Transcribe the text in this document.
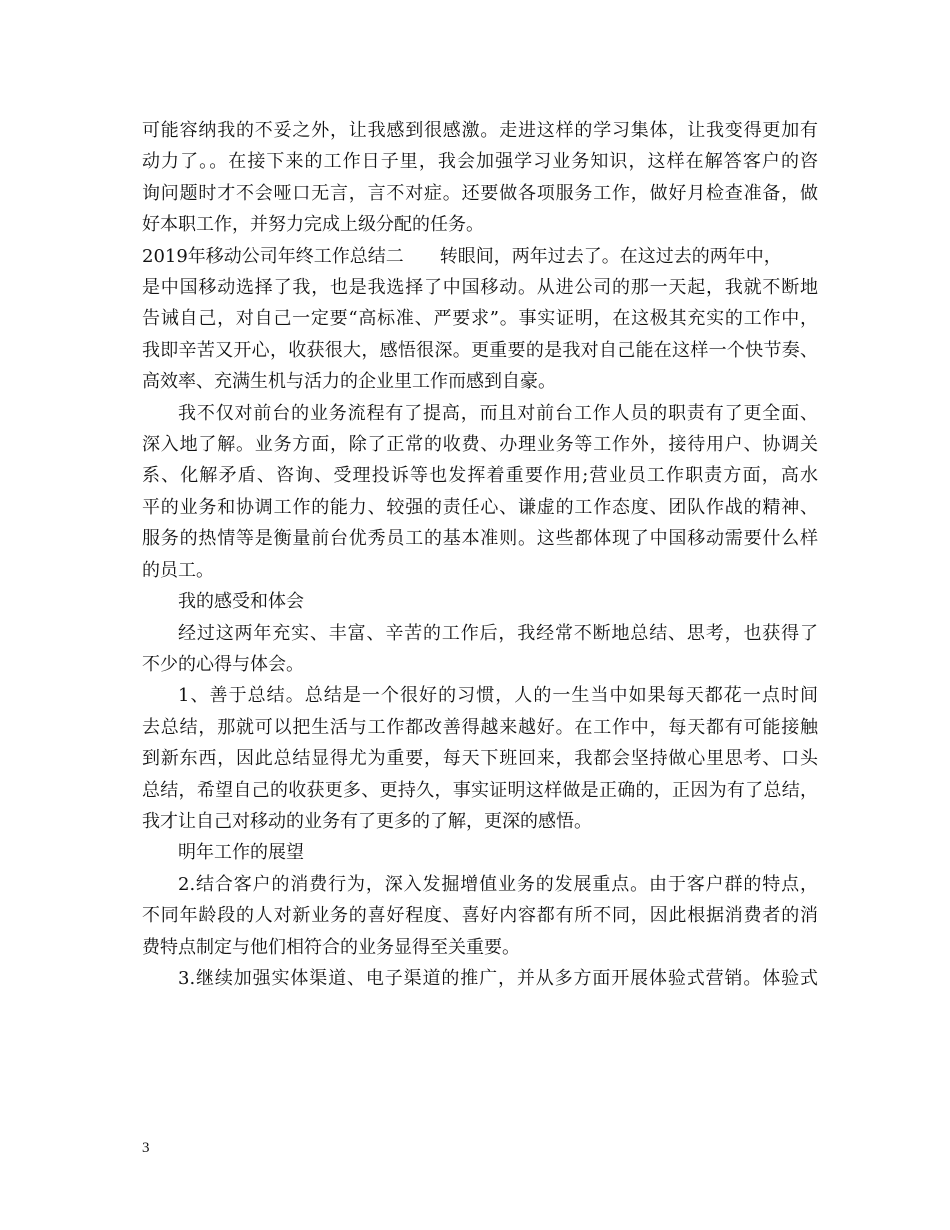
可能容纳我的不妥之外，让我感到很感激。走进这样的学习集体，让我变得更加有
动力了。。在接下来的工作日子里，我会加强学习业务知识，这样在解答客户的咨
询问题时才不会哑口无言，言不对症。还要做各项服务工作，做好月检查准备，做
好本职工作，并努力完成上级分配的任务。
2019年移动公司年终工作总结二　　转眼间，两年过去了。在这过去的两年中，
是中国移动选择了我，也是我选择了中国移动。从进公司的那一天起，我就不断地
告诫自己，对自己一定要“高标准、严要求”。事实证明，在这极其充实的工作中，
我即辛苦又开心，收获很大，感悟很深。更重要的是我对自己能在这样一个快节奏、
高效率、充满生机与活力的企业里工作而感到自豪。
我不仅对前台的业务流程有了提高，而且对前台工作人员的职责有了更全面、
深入地了解。业务方面，除了正常的收费、办理业务等工作外，接待用户、协调关
系、化解矛盾、咨询、受理投诉等也发挥着重要作用;营业员工作职责方面，高水
平的业务和协调工作的能力、较强的责任心、谦虚的工作态度、团队作战的精神、
服务的热情等是衡量前台优秀员工的基本准则。这些都体现了中国移动需要什么样
的员工。
我的感受和体会
经过这两年充实、丰富、辛苦的工作后，我经常不断地总结、思考，也获得了
不少的心得与体会。
1、善于总结。总结是一个很好的习惯，人的一生当中如果每天都花一点时间
去总结，那就可以把生活与工作都改善得越来越好。在工作中，每天都有可能接触
到新东西，因此总结显得尤为重要，每天下班回来，我都会坚持做心里思考、口头
总结，希望自己的收获更多、更持久，事实证明这样做是正确的，正因为有了总结，
我才让自己对移动的业务有了更多的了解，更深的感悟。
明年工作的展望
2.结合客户的消费行为，深入发掘增值业务的发展重点。由于客户群的特点，
不同年龄段的人对新业务的喜好程度、喜好内容都有所不同，因此根据消费者的消
费特点制定与他们相符合的业务显得至关重要。
3.继续加强实体渠道、电子渠道的推广，并从多方面开展体验式营销。体验式
3
